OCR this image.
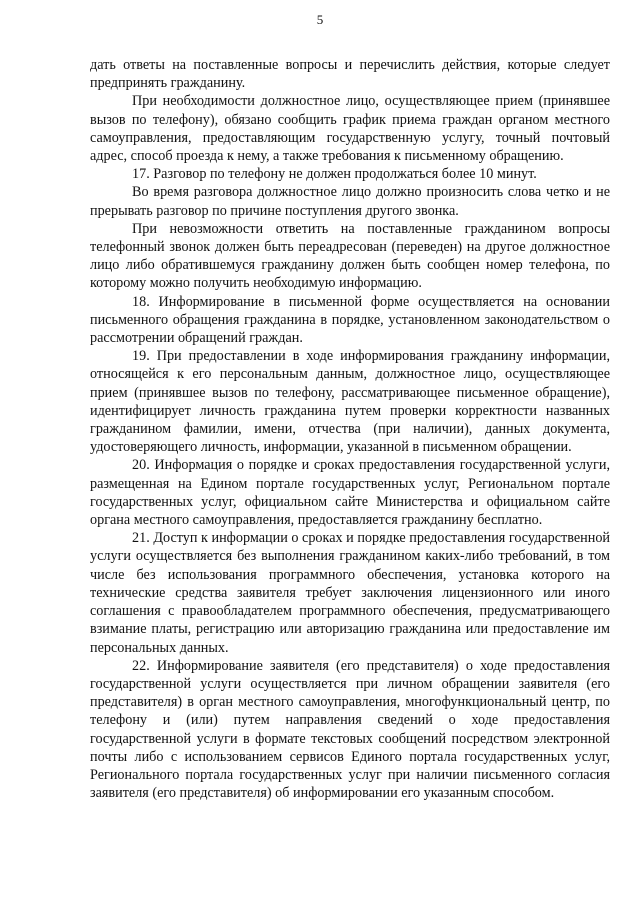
5

дать ответы на поставленные вопросы и перечислить действия, которые следует предпринять гражданину.

При необходимости должностное лицо, осуществляющее прием (принявшее вызов по телефону), обязано сообщить график приема граждан органом местного самоуправления, предоставляющим государственную услугу, точный почтовый адрес, способ проезда к нему, а также требования к письменному обращению.

17. Разговор по телефону не должен продолжаться более 10 минут.

Во время разговора должностное лицо должно произносить слова четко и не прерывать разговор по причине поступления другого звонка.

При невозможности ответить на поставленные гражданином вопросы телефонный звонок должен быть переадресован (переведен) на другое должностное лицо либо обратившемуся гражданину должен быть сообщен номер телефона, по которому можно получить необходимую информацию.

18. Информирование в письменной форме осуществляется на основании письменного обращения гражданина в порядке, установленном законодательством о рассмотрении обращений граждан.

19. При предоставлении в ходе информирования гражданину информации, относящейся к его персональным данным, должностное лицо, осуществляющее прием (принявшее вызов по телефону, рассматривающее письменное обращение), идентифицирует личность гражданина путем проверки корректности названных гражданином фамилии, имени, отчества (при наличии), данных документа, удостоверяющего личность, информации, указанной в письменном обращении.

20. Информация о порядке и сроках предоставления государственной услуги, размещенная на Едином портале государственных услуг, Региональном портале государственных услуг, официальном сайте Министерства и официальном сайте органа местного самоуправления, предоставляется гражданину бесплатно.

21. Доступ к информации о сроках и порядке предоставления государственной услуги осуществляется без выполнения гражданином каких-либо требований, в том числе без использования программного обеспечения, установка которого на технические средства заявителя требует заключения лицензионного или иного соглашения с правообладателем программного обеспечения, предусматривающего взимание платы, регистрацию или авторизацию гражданина или предоставление им персональных данных.

22. Информирование заявителя (его представителя) о ходе предоставления государственной услуги осуществляется при личном обращении заявителя (его представителя) в орган местного самоуправления, многофункциональный центр, по телефону и (или) путем направления сведений о ходе предоставления государственной услуги в формате текстовых сообщений посредством электронной почты либо с использованием сервисов Единого портала государственных услуг, Регионального портала государственных услуг при наличии письменного согласия заявителя (его представителя) об информировании его указанным способом.
